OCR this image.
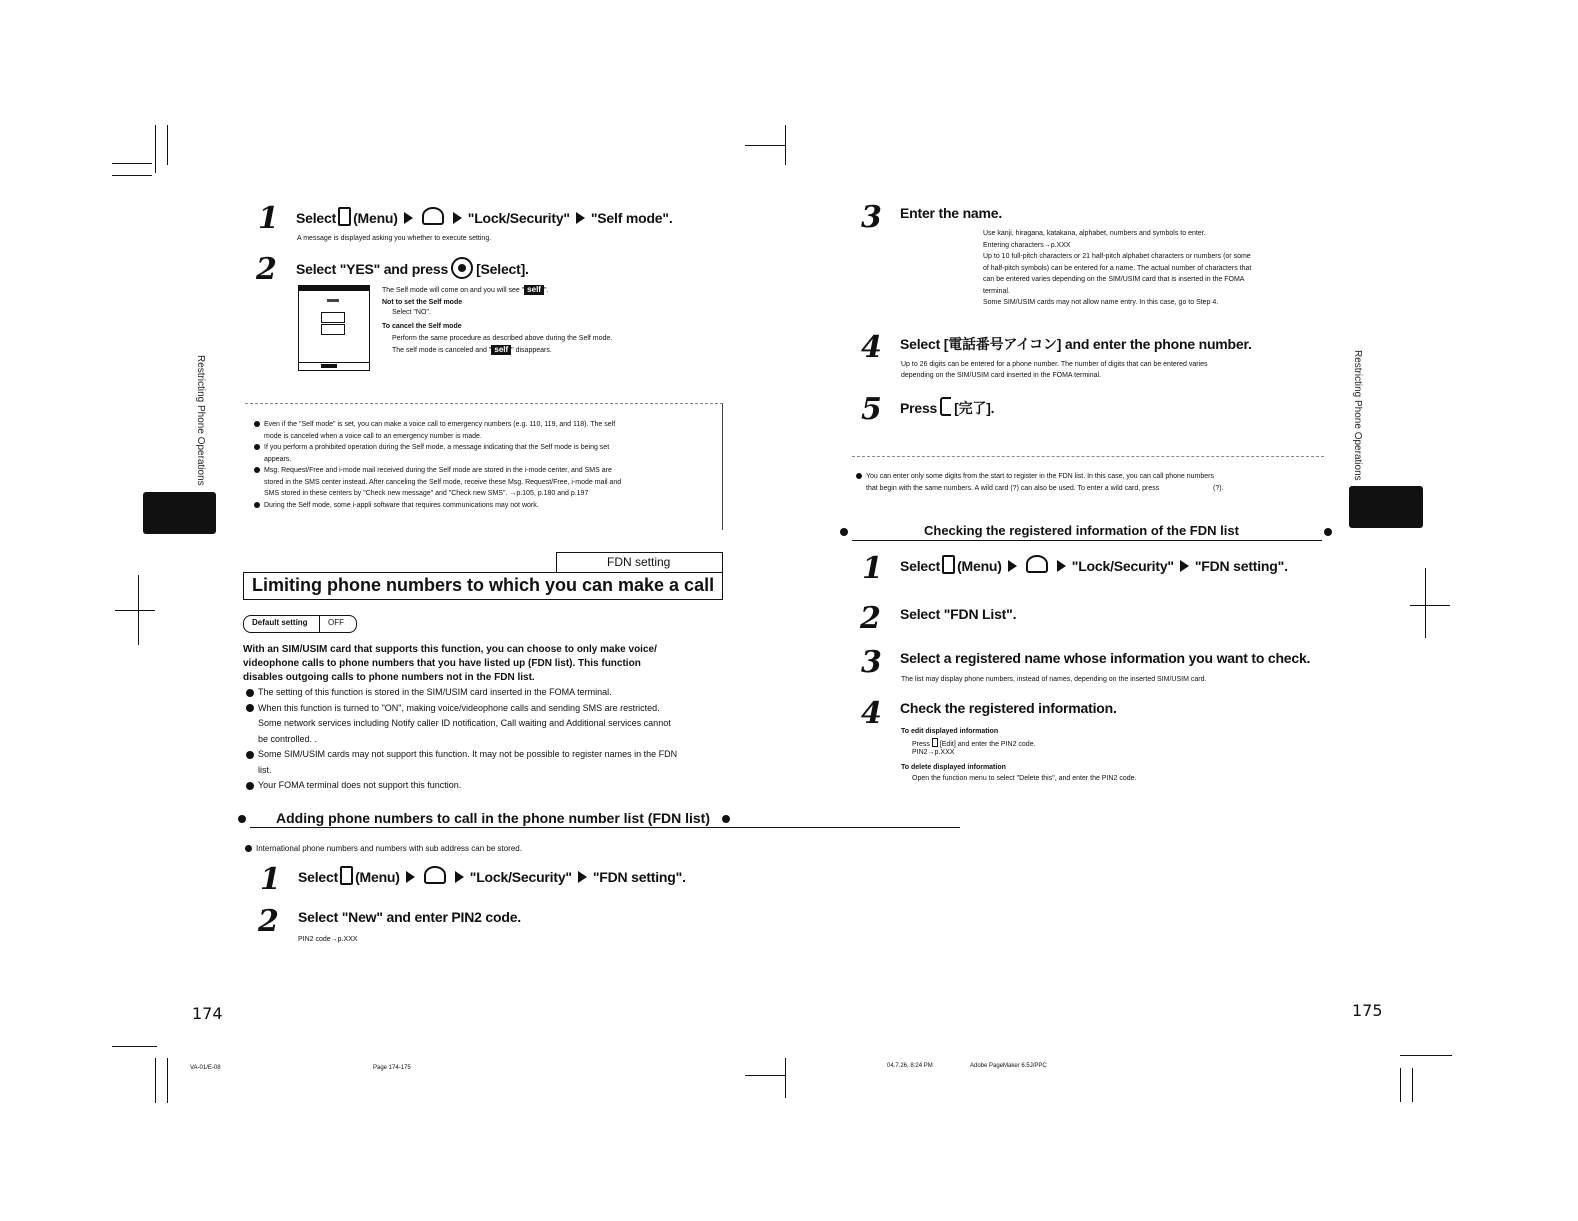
Restricting Phone Operations
1 Select (Menu)	"Lock/Security" "Self mode".
A message is displayed asking you whether to execute setting.
2 Select "YES" and press [Select].
The Self mode will come on and you will see " self ".
Not to set the Self mode
Select "NO".
To cancel the Self mode
Perform the same procedure as described above during the Self mode.
The self mode is canceled and " self " disappears.
Even if the "Self mode" is set, you can make a voice call to emergency numbers (e.g. 110, 119, and 118). The self
mode is canceled when a voice call to an emergency number is made.
If you perform a prohibited operation during the Self mode, a message indicating that the Self mode is being set
appears.
Msg. Request/Free and i-mode mail received during the Self mode are stored in the i-mode center, and SMS are
stored in the SMS center instead. After canceling the Self mode, receive these Msg. Request/Free, i-mode mail and
SMS stored in these centers by "Check new message" and "Check new SMS". →p.105, p.180 and p.197
During the Self mode, some i-appli software that requires communications may not work.
FDN setting
Limiting phone numbers to which you can make a call
Default setting	OFF
With an SIM/USIM card that supports this function, you can choose to only make voice/
videophone calls to phone numbers that you have listed up (FDN list). This function
disables outgoing calls to phone numbers not in the FDN list.
The setting of this function is stored in the SIM/USIM card inserted in the FOMA terminal.
When this function is turned to "ON", making voice/videophone calls and sending SMS are restricted.
Some network services including Notify caller ID notification, Call waiting and Additional services cannot
be controlled. .
Some SIM/USIM cards may not support this function. It may not be possible to register names in the FDN
list.
Your FOMA terminal does not support this function.
Adding phone numbers to call in the phone number list (FDN list)
International phone numbers and numbers with sub address can be stored.
1 Select (Menu)	"Lock/Security" "FDN setting".
2 Select "New" and enter PIN2 code.
PIN2 code→p.XXX
174
VA-01/E-08	Page 174-175
Restricting Phone Operations
3 Enter the name.
Use kanji, hiragana, katakana, alphabet, numbers and symbols to enter.
Entering characters→p.XXX
Up to 10 full-pitch characters or 21 half-pitch alphabet characters or numbers (or some
of half-pitch symbols) can be entered for a name. The actual number of characters that
can be entered varies depending on the SIM/USIM card that is inserted in the FOMA
terminal.
Some SIM/USIM cards may not allow name entry. In this case, go to Step 4.
4 Select [電話番号アイコン] and enter the phone number.
Up to 26 digits can be entered for a phone number. The number of digits that can be entered varies
depending on the SIM/USIM card inserted in the FOMA terminal.
5 Press [完了].
You can enter only some digits from the start to register in the FDN list. In this case, you can call phone numbers
that begin with the same numbers. A wild card (?) can also be used. To enter a wild card, press	(?).
Checking the registered information of the FDN list
1 Select (Menu)	"Lock/Security" "FDN setting".
2 Select "FDN List".
3 Select a registered name whose information you want to check.
The list may display phone numbers, instead of names, depending on the inserted SIM/USIM card.
4 Check the registered information.
To edit displayed information
Press [Edit] and enter the PIN2 code.
PIN2→p.XXX
To delete displayed information
Open the function menu to select "Delete this", and enter the PIN2 code.
175
04.7.26, 8:24 PM	Adobe PageMaker 6.5J/PPC
